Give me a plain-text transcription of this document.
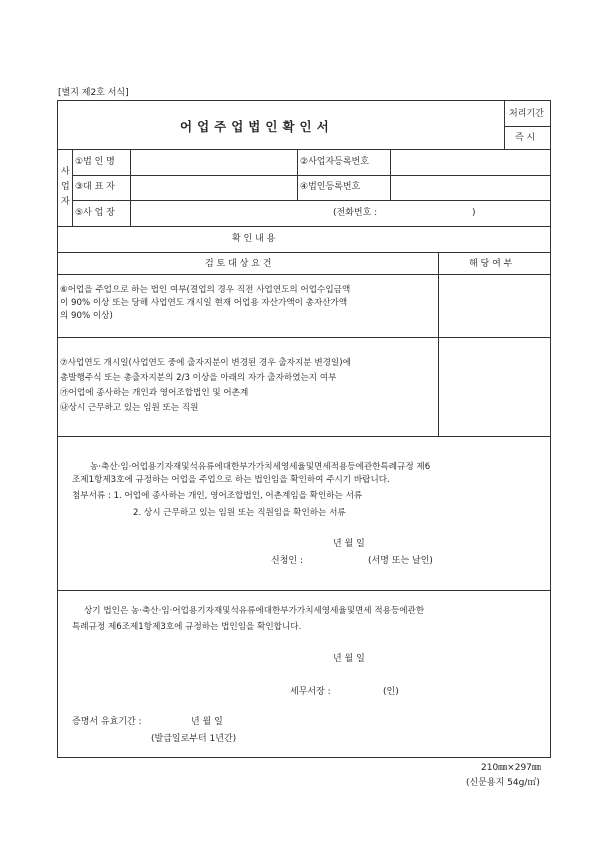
[별지 제2호 서식]
어업주업법인확인서
처리기간
즉 시
사
업
자
①법 인 명	②사업자등록번호
③대 표 자	④법인등록번호
⑤사 업 장	(전화번호 :	)
확 인 내 용
검 토 대 상 요 건	해 당 여 부
⑥어업을 주업으로 하는 법인 여부(결업의 경우 직전 사업연도의 어업수입금액
이 90% 이상 또는 당해 사업연도 개시일 현재 어업용 자산가액이 총자산가액
의 90% 이상)
⑦사업연도 개시일(사업연도 중에 출자지분이 변경된 경우 출자지분 변경일)에
총발행주식 또는 총출자지분의 2/3 이상을 아래의 자가 출자하였는지 여부
㉮어업에 종사하는 개인과 영어조합법인 및 어촌계
㉯상시 근무하고 있는 임원 또는 직원
농·축산·임·어업용기자재및석유류에대한부가가치세영세율및면세적용등에관한특례규정 제6
조제1항제3호에 규정하는 어업을 주업으로 하는 법인임을 확인하여 주시기 바랍니다.
첨부서류 : 1. 어업에 종사하는 개인, 영어조합법인, 어촌계임을 확인하는 서류
2. 상시 근무하고 있는 임원 또는 직원임을 확인하는 서류
년 월 일
신청인 :	(서명 또는 날인)
상기 법인은 농·축산·임·어업용기자재및석유류에대한부가가치세영세율및면세 적용등에관한
특례규정 제6조제1항제3호에 규정하는 법인임을 확인합니다.
년 월 일
세무서장 :	(인)
증명서 유효기간 :	년 월 일
(발급일로부터 1년간)
210㎜×297㎜
(신문용지 54g/㎡)
